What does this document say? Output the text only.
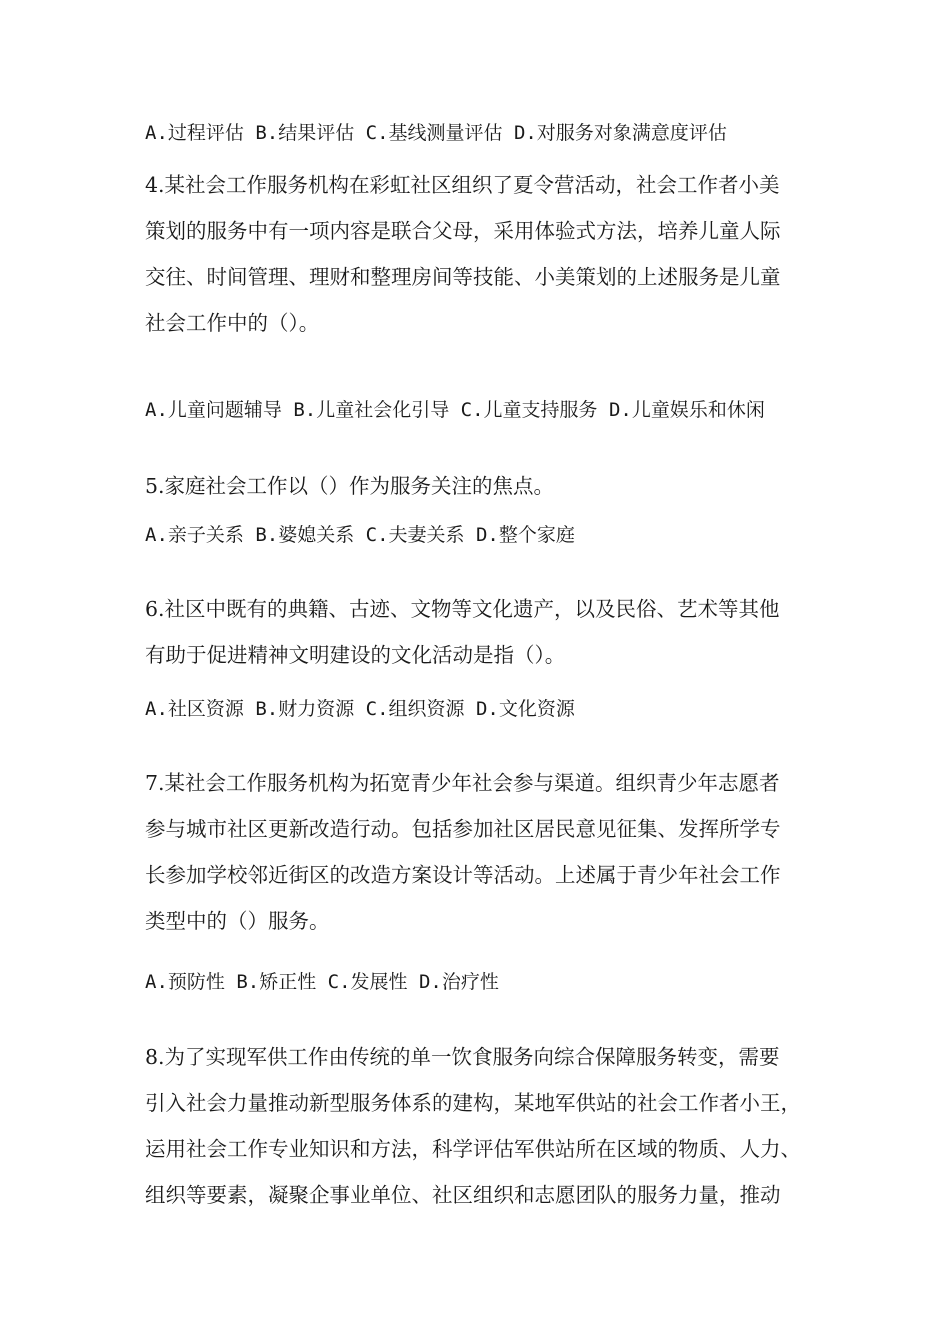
A.过程评估 B.结果评估 C.基线测量评估 D.对服务对象满意度评估

4.某社会工作服务机构在彩虹社区组织了夏令营活动，社会工作者小美

策划的服务中有一项内容是联合父母，采用体验式方法，培养儿童人际

交往、时间管理、理财和整理房间等技能、小美策划的上述服务是儿童

社会工作中的（）。

A.儿童问题辅导 B.儿童社会化引导 C.儿童支持服务 D.儿童娱乐和休闲

5.家庭社会工作以（）作为服务关注的焦点。

A.亲子关系 B.婆媳关系 C.夫妻关系 D.整个家庭

6.社区中既有的典籍、古迹、文物等文化遗产，以及民俗、艺术等其他

有助于促进精神文明建设的文化活动是指（）。

A.社区资源 B.财力资源 C.组织资源 D.文化资源

7.某社会工作服务机构为拓宽青少年社会参与渠道。组织青少年志愿者

参与城市社区更新改造行动。包括参加社区居民意见征集、发挥所学专

长参加学校邻近街区的改造方案设计等活动。上述属于青少年社会工作

类型中的（）服务。

A.预防性 B.矫正性 C.发展性 D.治疗性

8.为了实现军供工作由传统的单一饮食服务向综合保障服务转变，需要

引入社会力量推动新型服务体系的建构，某地军供站的社会工作者小王，

运用社会工作专业知识和方法，科学评估军供站所在区域的物质、人力、

组织等要素，凝聚企事业单位、社区组织和志愿团队的服务力量，推动
